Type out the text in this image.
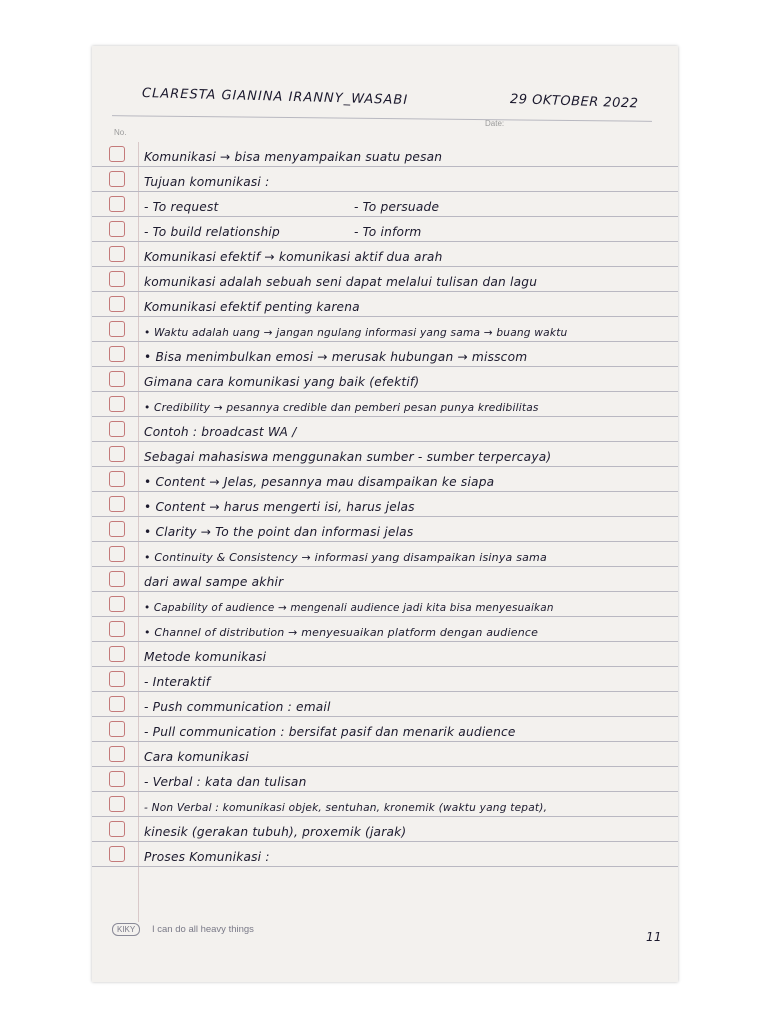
CLARESTA GIANINA IRANNY_WASABI	29 OKTOBER 2022
No.
Date:
Komunikasi → bisa menyampaikan suatu pesan
Tujuan komunikasi :
- To request	- To persuade
- To build relationship	- To inform
Komunikasi efektif → komunikasi aktif dua arah
komunikasi adalah sebuah seni dapat melalui tulisan dan lagu
Komunikasi efektif penting karena
• Waktu adalah uang → jangan ngulang informasi yang sama → buang waktu
• Bisa menimbulkan emosi → merusak hubungan → misscom
Gimana cara komunikasi yang baik (efektif)
• Credibility → pesannya credible dan pemberi pesan punya kredibilitas
Contoh : broadcast WA /
Sebagai mahasiswa menggunakan sumber - sumber terpercaya)
• Content → Jelas, pesannya mau disampaikan ke siapa
• Content → harus mengerti isi, harus jelas
• Clarity → To the point dan informasi jelas
• Continuity & Consistency → informasi yang disampaikan isinya sama
dari awal sampe akhir
• Capability of audience → mengenali audience jadi kita bisa menyesuaikan
• Channel of distribution → menyesuaikan platform dengan audience
Metode komunikasi
- Interaktif
- Push communication : email
- Pull communication : bersifat pasif dan menarik audience
Cara komunikasi
- Verbal : kata dan tulisan
- Non Verbal : komunikasi objek, sentuhan, kronemik (waktu yang tepat),
kinesik (gerakan tubuh), proxemik (jarak)
Proses Komunikasi :
KIKY	I can do all heavy things
11
